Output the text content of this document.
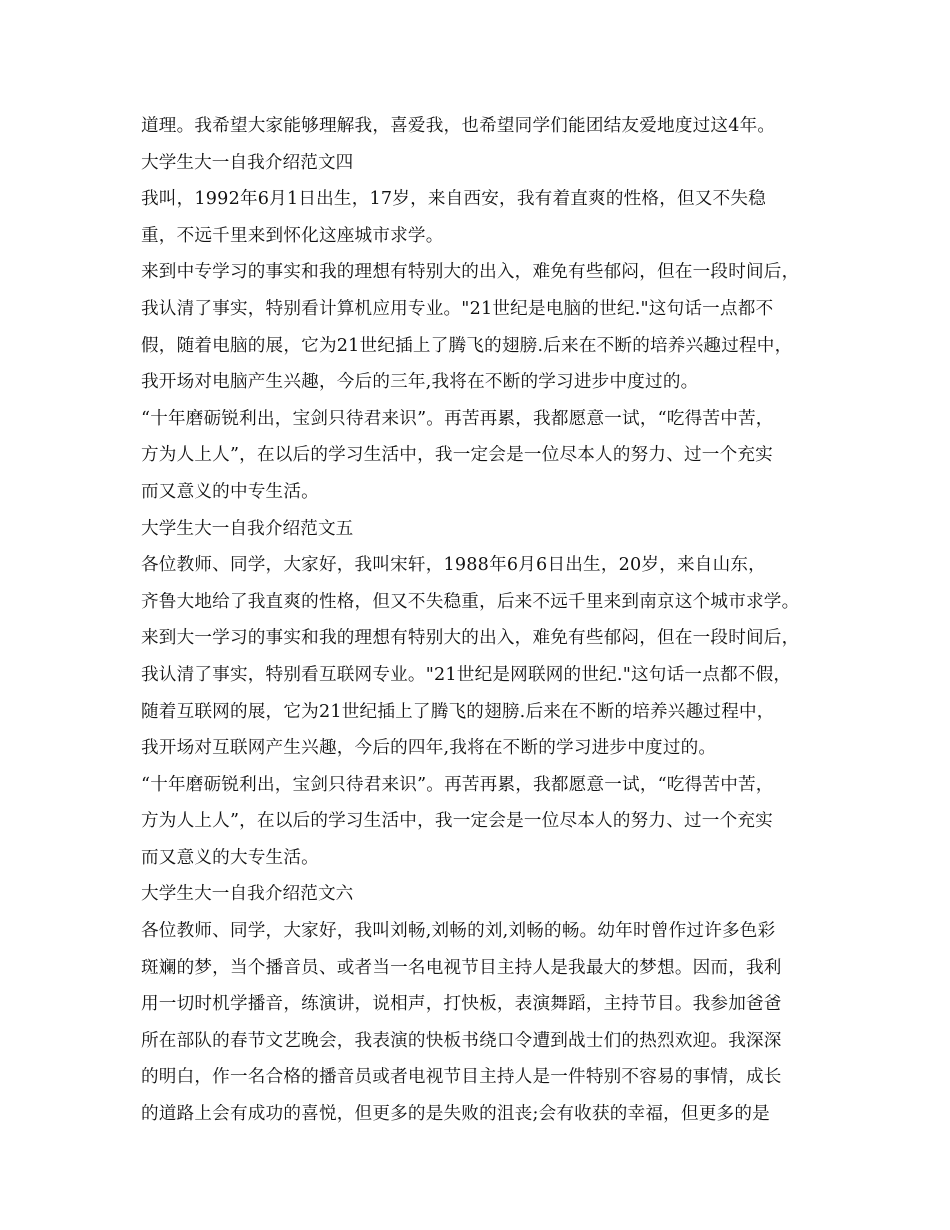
道理。我希望大家能够理解我，喜爱我，也希望同学们能团结友爱地度过这4年。
大学生大一自我介绍范文四
我叫，1992年6月1日出生，17岁，来自西安，我有着直爽的性格，但又不失稳
重，不远千里来到怀化这座城市求学。
来到中专学习的事实和我的理想有特别大的出入，难免有些郁闷，但在一段时间后，
我认清了事实，特别看计算机应用专业。"21世纪是电脑的世纪."这句话一点都不
假，随着电脑的展，它为21世纪插上了腾飞的翅膀.后来在不断的培养兴趣过程中，
我开场对电脑产生兴趣，今后的三年,我将在不断的学习进步中度过的。
“十年磨砺锐利出，宝剑只待君来识”。再苦再累，我都愿意一试，“吃得苦中苦，
方为人上人”，在以后的学习生活中，我一定会是一位尽本人的努力、过一个充实
而又意义的中专生活。
大学生大一自我介绍范文五
各位教师、同学，大家好，我叫宋轩，1988年6月6日出生，20岁，来自山东，
齐鲁大地给了我直爽的性格，但又不失稳重，后来不远千里来到南京这个城市求学。
来到大一学习的事实和我的理想有特别大的出入，难免有些郁闷，但在一段时间后，
我认清了事实，特别看互联网专业。"21世纪是网联网的世纪."这句话一点都不假，
随着互联网的展，它为21世纪插上了腾飞的翅膀.后来在不断的培养兴趣过程中，
我开场对互联网产生兴趣，今后的四年,我将在不断的学习进步中度过的。
“十年磨砺锐利出，宝剑只待君来识”。再苦再累，我都愿意一试，“吃得苦中苦，
方为人上人”，在以后的学习生活中，我一定会是一位尽本人的努力、过一个充实
而又意义的大专生活。
大学生大一自我介绍范文六
各位教师、同学，大家好，我叫刘畅,刘畅的刘,刘畅的畅。幼年时曾作过许多色彩
斑斓的梦，当个播音员、或者当一名电视节目主持人是我最大的梦想。因而，我利
用一切时机学播音，练演讲，说相声，打快板，表演舞蹈，主持节目。我参加爸爸
所在部队的春节文艺晚会，我表演的快板书绕口令遭到战士们的热烈欢迎。我深深
的明白，作一名合格的播音员或者电视节目主持人是一件特别不容易的事情，成长
的道路上会有成功的喜悦，但更多的是失败的沮丧;会有收获的幸福，但更多的是
